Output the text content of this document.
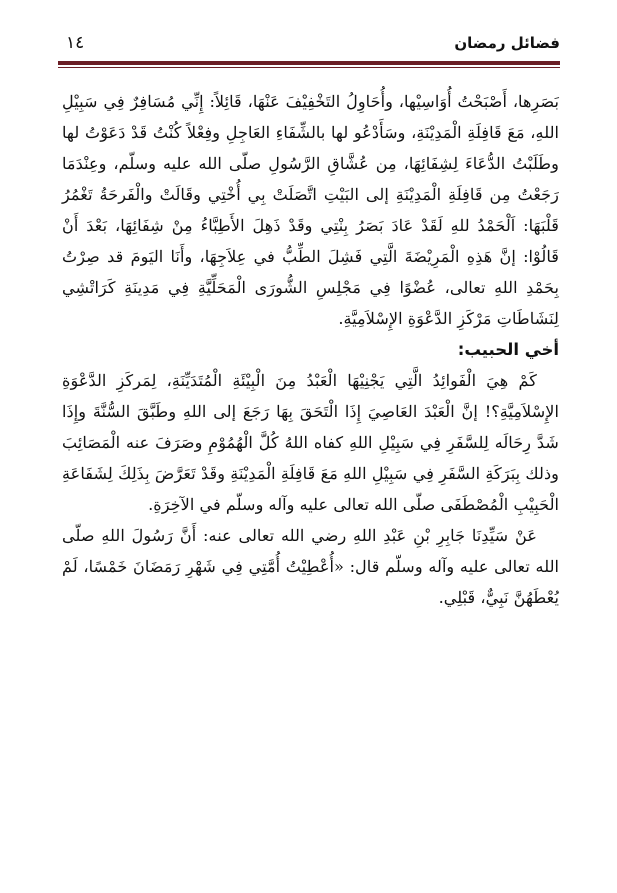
فضائل رمضان
١٤

بَصَرِها، أَصْبَحْتُ أُوَاسِيْها، وأُحَاوِلُ التَخْفِيْفَ عَنْهَا، قَائِلاً: إِنِّي مُسَافِرٌ فِي سَبِيْلِ اللهِ، مَعَ قَافِلَةِ الْمَدِيْنَةِ، وسَأَدْعُو لها بالشِّفَاءِ العَاجِلِ وفِعْلاً كُنْتُ قَدْ دَعَوْتُ لها وطَلَبْتُ الدُّعَاءَ لِشِفَائِهَا، مِن عُشَّاقِ الرَّسُولِ صلّى الله عليه وسلّم، وعِنْدَمَا رَجَعْتُ مِن قَافِلَةِ الْمَدِيْنَةِ إلى البَيْتِ اتَّصَلَتْ بِي أُخْتِي وقَالَتْ والْفَرحَةُ تَغْمُرُ قَلْبَهَا: اَلْحَمْدُ للهِ لَقَدْ عَادَ بَصَرُ بِنْتِي وقَدْ ذَهِلَ الأَطِبَّاءُ مِنْ شِفَائِهَا، بَعْدَ أَنْ قَالُوْا: إنَّ هَذِهِ الْمَرِيْضَةَ الَّتِي فَشِلَ الطِّبُّ في عِلاَجِهَا، وأَنَا اليَومَ قد صِرْتُ بِحَمْدِ اللهِ تعالى، عُضْوًا فِي مَجْلِسِ الشُّورَى الْمَحَلِّيَّةِ فِي مَدِينَةِ كَرَاتْشِي لِنَشَاطَاتِ مَرْكَزِ الدَّعْوَةِ الإِسْلاَمِيَّةِ.

أخي الحبيب:

كَمْ هِيَ الْفَوائِدُ الَّتِي يَجْنِيْهَا الْعَبْدُ مِنَ الْبِيْئَةِ الْمُتَدَيِّنَةِ، لِمَركَزِ الدَّعْوَةِ الإِسْلاَمِيَّةِ؟! إنَّ الْعَبْدَ العَاصِيَ إِذَا الْتَحَقَ بِهَا رَجَعَ إلى اللهِ وطَبَّقَ السُّنَّةَ وإِذَا شَدَّ رِحَالَه لِلسَّفَرِ فِي سَبِيْلِ اللهِ كفاه اللهُ كُلَّ الْهُمُوْمِ وصَرَفَ عنه الْمَصَائِبَ وذلك بِبَرَكَةِ السَّفَرِ فِي سَبِيْلِ اللهِ مَعَ قَافِلَةِ الْمَدِيْنَةِ وقَدْ تَعَرَّضَ بِذَلِكَ لِشَفَاعَةِ الْحَبِيْبِ الْمُصْطَفَى صلّى الله تعالى عليه وآله وسلّم في الآخِرَةِ.

عَنْ سَيِّدِنَا جَابِرِ بْنِ عَبْدِ اللهِ رضي الله تعالى عنه: أَنَّ رَسُولَ اللهِ صلّى الله تعالى عليه وآله وسلّم قال: «أُعْطِيْتُ أُمَّتِي فِي شَهْرِ رَمَضَانَ خَمْسًا، لَمْ يُعْطَهُنَّ نَبِيٌّ، قَبْلِي.
